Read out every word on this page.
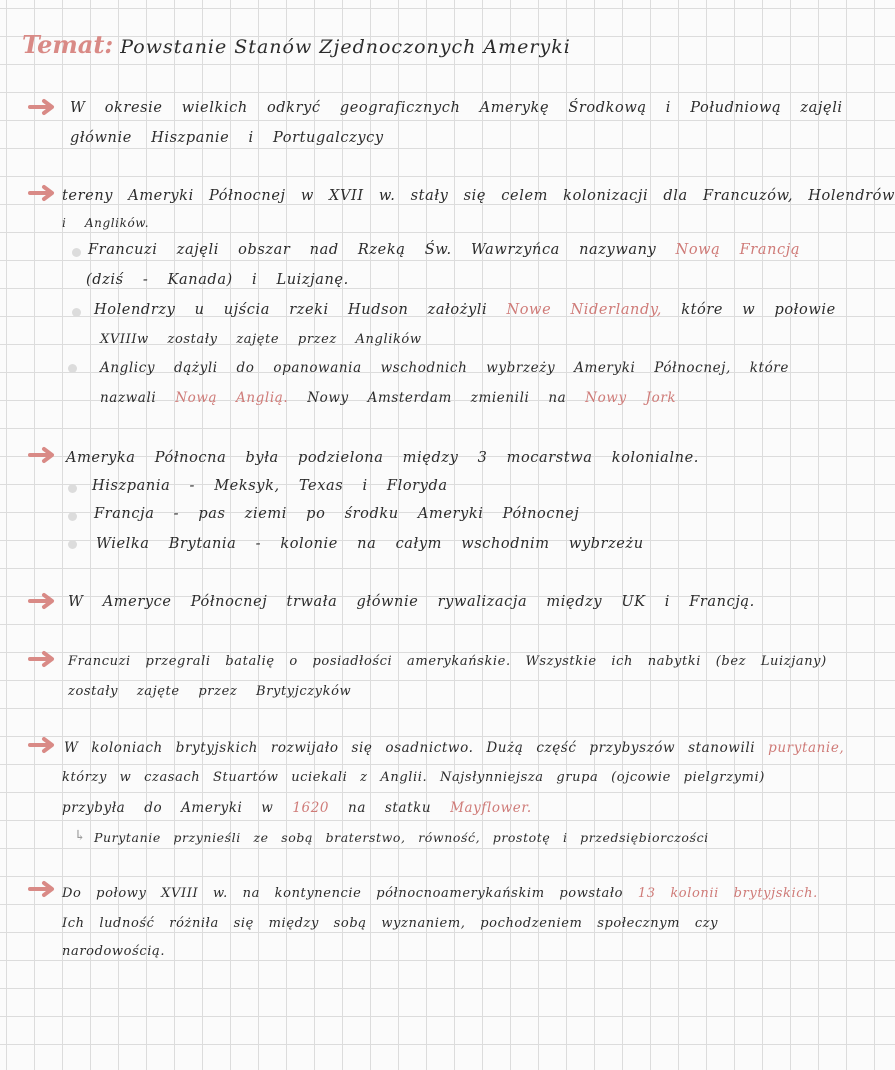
Temat: Powstanie Stanów Zjednoczonych Ameryki
W okresie wielkich odkryć geograficznych Amerykę Środkową i Południową zajęli
głównie Hiszpanie i Portugalczycy
tereny Ameryki Północnej w XVII w. stały się celem kolonizacji dla Francuzów, Holendrów
i Anglików.
Francuzi zajęli obszar nad Rzeką Św. Wawrzyńca nazywany Nową Francją
(dziś - Kanada) i Luizjanę.
Holendrzy u ujścia rzeki Hudson założyli Nowe Niderlandy, które w połowie
XVIIIw zostały zajęte przez Anglików
Anglicy dążyli do opanowania wschodnich wybrzeży Ameryki Północnej, które
nazwali Nową Anglią. Nowy Amsterdam zmienili na Nowy Jork
Ameryka Północna była podzielona między 3 mocarstwa kolonialne.
Hiszpania - Meksyk, Texas i Floryda
Francja - pas ziemi po środku Ameryki Północnej
Wielka Brytania - kolonie na całym wschodnim wybrzeżu
W Ameryce Północnej trwała głównie rywalizacja między UK i Francją.
Francuzi przegrali batalię o posiadłości amerykańskie. Wszystkie ich nabytki (bez Luizjany)
zostały zajęte przez Brytyjczyków
W koloniach brytyjskich rozwijało się osadnictwo. Dużą część przybyszów stanowili purytanie,
którzy w czasach Stuartów uciekali z Anglii. Najsłynniejsza grupa (ojcowie pielgrzymi)
przybyła do Ameryki w 1620 na statku Mayflower.
↳ Purytanie przynieśli ze sobą braterstwo, równość, prostotę i przedsiębiorczości
Do połowy XVIII w. na kontynencie północnoamerykańskim powstało 13 kolonii brytyjskich.
Ich ludność różniła się między sobą wyznaniem, pochodzeniem społecznym czy
narodowością.
